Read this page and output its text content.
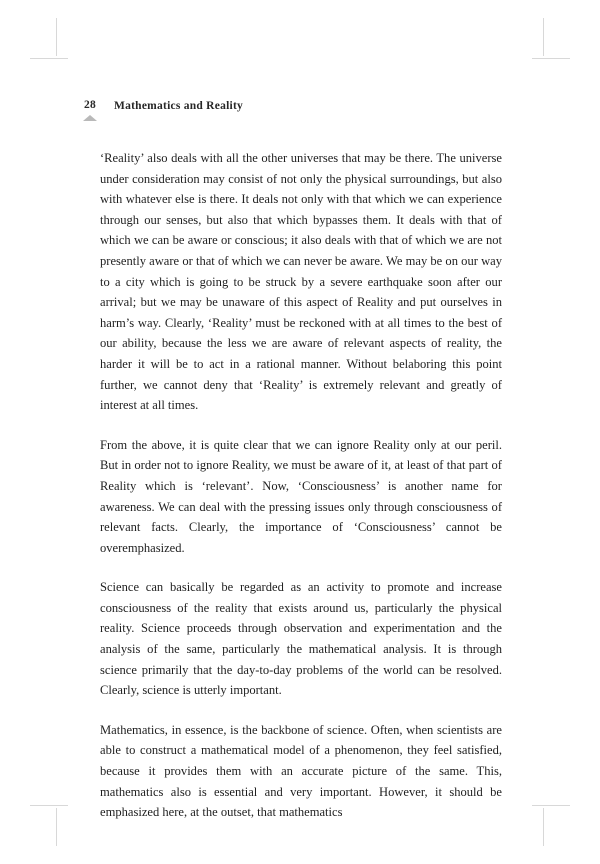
28 Mathematics and Reality

‘Reality’ also deals with all the other universes that may be there. The universe under consideration may consist of not only the physical surroundings, but also with whatever else is there. It deals not only with that which we can experience through our senses, but also that which bypasses them. It deals with that of which we can be aware or conscious; it also deals with that of which we are not presently aware or that of which we can never be aware. We may be on our way to a city which is going to be struck by a severe earthquake soon after our arrival; but we may be unaware of this aspect of Reality and put ourselves in harm’s way. Clearly, ‘Reality’ must be reckoned with at all times to the best of our ability, because the less we are aware of relevant aspects of reality, the harder it will be to act in a rational manner. Without belaboring this point further, we cannot deny that ‘Reality’ is extremely relevant and greatly of interest at all times.

From the above, it is quite clear that we can ignore Reality only at our peril. But in order not to ignore Reality, we must be aware of it, at least of that part of Reality which is ‘relevant’. Now, ‘Consciousness’ is another name for awareness. We can deal with the pressing issues only through consciousness of relevant facts. Clearly, the importance of ‘Consciousness’ cannot be overemphasized.

Science can basically be regarded as an activity to promote and increase consciousness of the reality that exists around us, particularly the physical reality. Science proceeds through observation and experimentation and the analysis of the same, particularly the mathematical analysis. It is through science primarily that the day-to-day problems of the world can be resolved. Clearly, science is utterly important.

Mathematics, in essence, is the backbone of science. Often, when scientists are able to construct a mathematical model of a phenomenon, they feel satisfied, because it provides them with an accurate picture of the same. This, mathematics also is essential and very important. However, it should be emphasized here, at the outset, that mathematics
